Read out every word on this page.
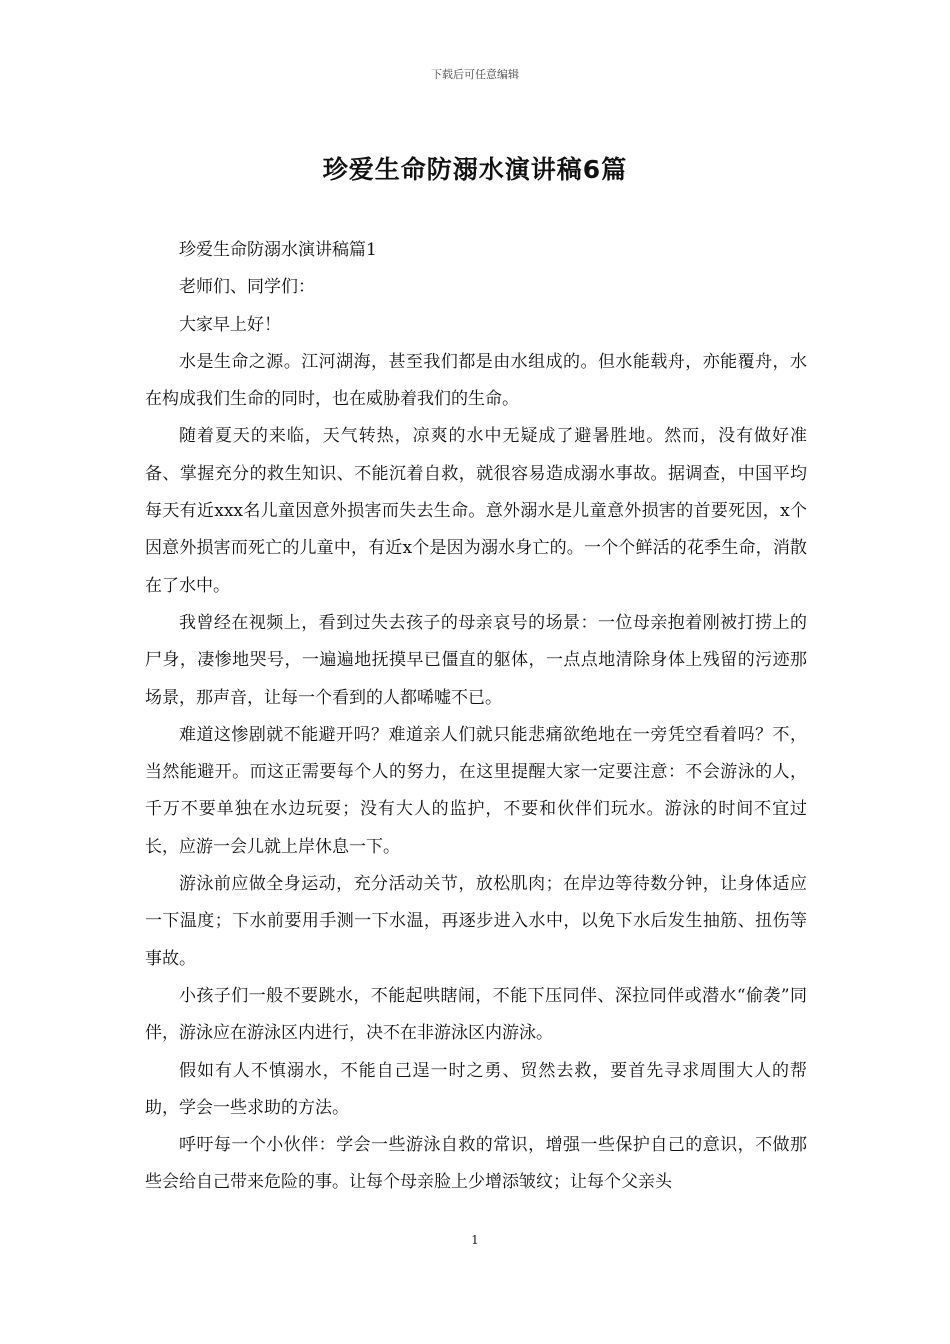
下载后可任意编辑
珍爱生命防溺水演讲稿6篇

珍爱生命防溺水演讲稿篇1

老师们、同学们：

大家早上好！

水是生命之源。江河湖海，甚至我们都是由水组成的。但水能载舟，亦能覆舟，水在构成我们生命的同时，也在威胁着我们的生命。

随着夏天的来临，天气转热，凉爽的水中无疑成了避暑胜地。然而，没有做好准备、掌握充分的救生知识、不能沉着自救，就很容易造成溺水事故。据调查，中国平均每天有近xxx名儿童因意外损害而失去生命。意外溺水是儿童意外损害的首要死因，x个因意外损害而死亡的儿童中，有近x个是因为溺水身亡的。一个个鲜活的花季生命，消散在了水中。

我曾经在视频上，看到过失去孩子的母亲哀号的场景：一位母亲抱着刚被打捞上的尸身，凄惨地哭号，一遍遍地抚摸早已僵直的躯体，一点点地清除身体上残留的污迹那场景，那声音，让每一个看到的人都唏嘘不已。

难道这惨剧就不能避开吗？难道亲人们就只能悲痛欲绝地在一旁凭空看着吗？不，当然能避开。而这正需要每个人的努力，在这里提醒大家一定要注意：不会游泳的人，千万不要单独在水边玩耍；没有大人的监护，不要和伙伴们玩水。游泳的时间不宜过长，应游一会儿就上岸休息一下。

游泳前应做全身运动，充分活动关节，放松肌肉；在岸边等待数分钟，让身体适应一下温度；下水前要用手测一下水温，再逐步进入水中，以免下水后发生抽筋、扭伤等事故。

小孩子们一般不要跳水，不能起哄瞎闹，不能下压同伴、深拉同伴或潜水“偷袭”同伴，游泳应在游泳区内进行，决不在非游泳区内游泳。

假如有人不慎溺水，不能自己逞一时之勇、贸然去救，要首先寻求周围大人的帮助，学会一些求助的方法。

呼吁每一个小伙伴：学会一些游泳自救的常识，增强一些保护自己的意识，不做那些会给自己带来危险的事。让每个母亲脸上少增添皱纹；让每个父亲头

1
